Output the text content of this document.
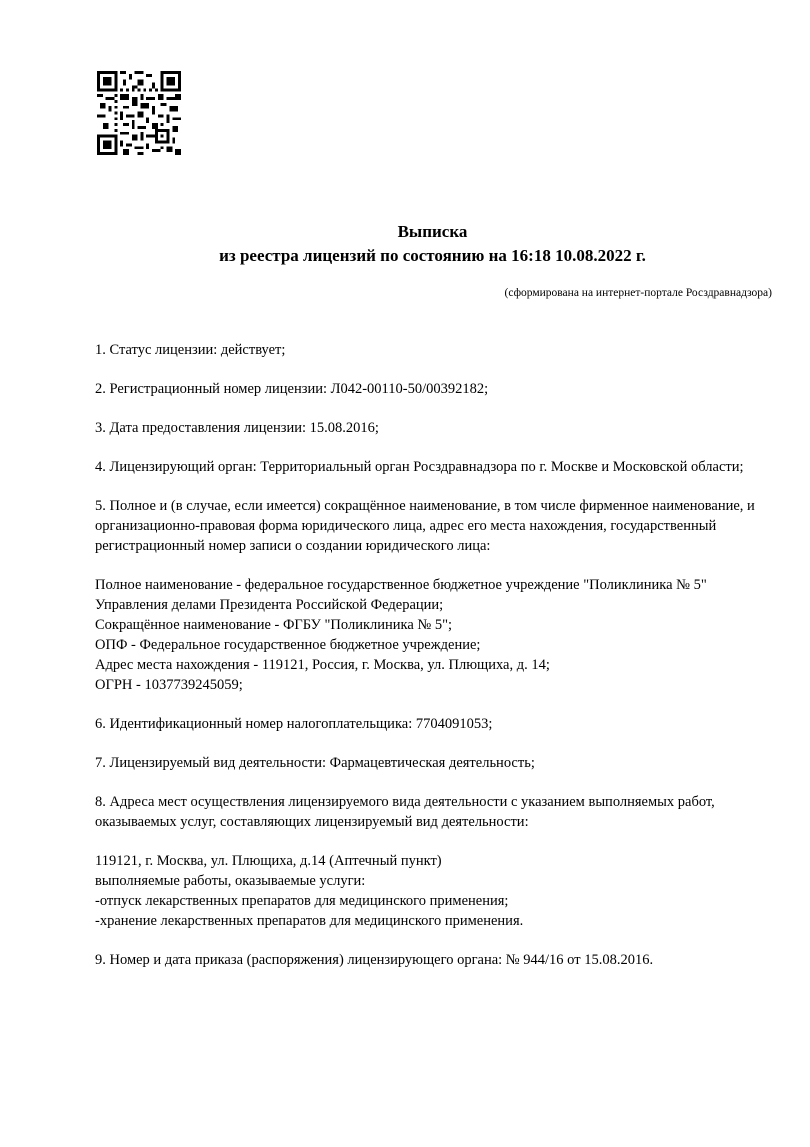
Выписка
из реестра лицензий по состоянию на 16:18 10.08.2022 г.
(сформирована на интернет-портале Росздравнадзора)

1. Статус лицензии: действует;

2. Регистрационный номер лицензии: Л042-00110-50/00392182;

3. Дата предоставления лицензии: 15.08.2016;

4. Лицензирующий орган: Территориальный орган Росздравнадзора по г. Москве и Московской области;

5. Полное и (в случае, если имеется) сокращённое наименование, в том числе фирменное наименование, и организационно-правовая форма юридического лица, адрес его места нахождения, государственный регистрационный номер записи о создании юридического лица:

Полное наименование - федеральное государственное бюджетное учреждение "Поликлиника № 5" Управления делами Президента Российской Федерации;

Сокращённое наименование - ФГБУ "Поликлиника № 5";

ОПФ - Федеральное государственное бюджетное учреждение;

Адрес места нахождения - 119121, Россия, г. Москва, ул. Плющиха, д. 14;

ОГРН - 1037739245059;

6. Идентификационный номер налогоплательщика: 7704091053;

7. Лицензируемый вид деятельности: Фармацевтическая деятельность;

8. Адреса мест осуществления лицензируемого вида деятельности с указанием выполняемых работ, оказываемых услуг, составляющих лицензируемый вид деятельности:

119121, г. Москва, ул. Плющиха, д.14 (Аптечный пункт)

выполняемые работы, оказываемые услуги:

-отпуск лекарственных препаратов для медицинского применения;

-хранение лекарственных препаратов для медицинского применения.

9. Номер и дата приказа (распоряжения) лицензирующего органа: № 944/16 от 15.08.2016.
